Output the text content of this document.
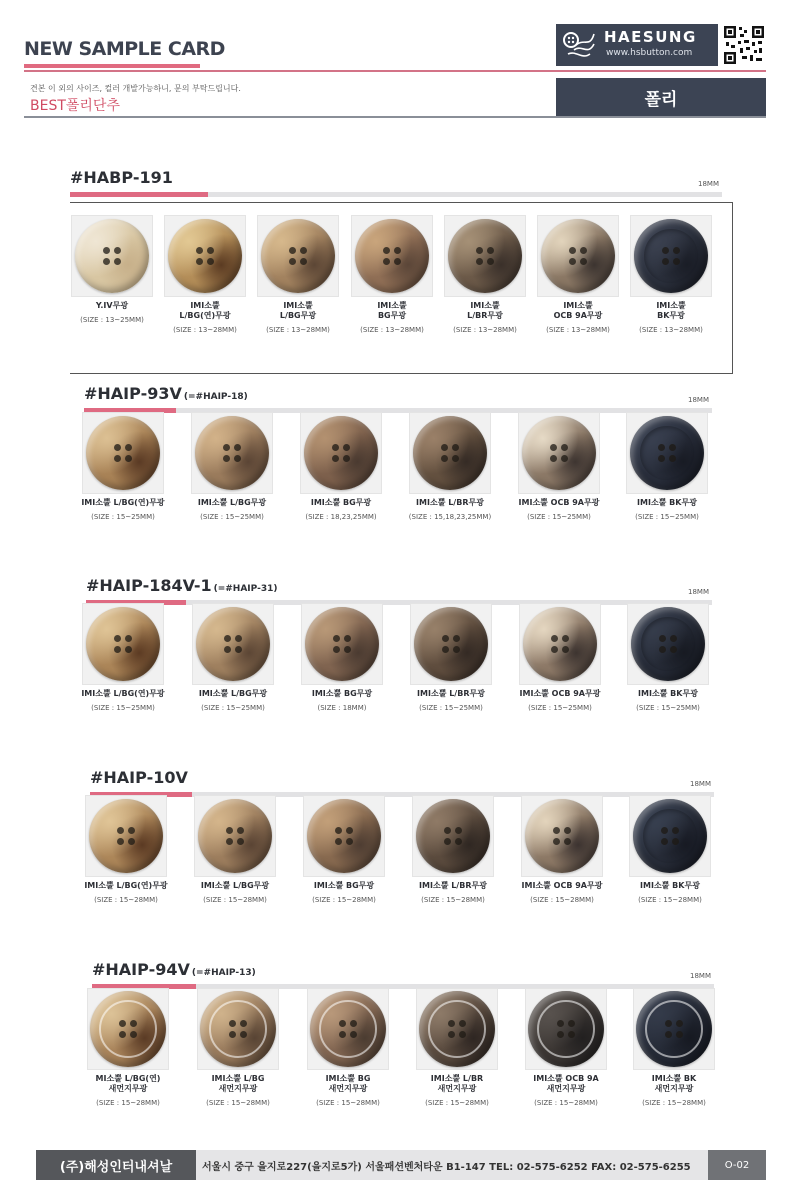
NEW SAMPLE CARD
HAESUNG
www.hsbutton.com
견본 이 외의 사이즈, 컬러 개발가능하니, 문의 부탁드립니다.
BEST폴리단추	폴리
#HABP-191	18MM
Y.IV무광
(SIZE : 13~25MM)
IMI소뿔
L/BG(연)무광
(SIZE : 13~28MM)
IMI소뿔
L/BG무광
(SIZE : 13~28MM)
IMI소뿔
BG무광
(SIZE : 13~28MM)
IMI소뿔
L/BR무광
(SIZE : 13~28MM)
IMI소뿔
OCB 9A무광
(SIZE : 13~28MM)
IMI소뿔
BK무광
(SIZE : 13~28MM)
#HAIP-93V (=#HAIP-18)	18MM
IMI소뿔 L/BG(연)무광
(SIZE : 15~25MM)
IMI소뿔 L/BG무광
(SIZE : 15~25MM)
IMI소뿔 BG무광
(SIZE : 18,23,25MM)
IMI소뿔 L/BR무광
(SIZE : 15,18,23,25MM)
IMI소뿔 OCB 9A무광
(SIZE : 15~25MM)
IMI소뿔 BK무광
(SIZE : 15~25MM)
#HAIP-184V-1 (=#HAIP-31)	18MM
IMI소뿔 L/BG(연)무광
(SIZE : 15~25MM)
IMI소뿔 L/BG무광
(SIZE : 15~25MM)
IMI소뿔 BG무광
(SIZE : 18MM)
IMI소뿔 L/BR무광
(SIZE : 15~25MM)
IMI소뿔 OCB 9A무광
(SIZE : 15~25MM)
IMI소뿔 BK무광
(SIZE : 15~25MM)
#HAIP-10V	18MM
IMI소뿔 L/BG(연)무광
(SIZE : 15~28MM)
IMI소뿔 L/BG무광
(SIZE : 15~28MM)
IMI소뿔 BG무광
(SIZE : 15~28MM)
IMI소뿔 L/BR무광
(SIZE : 15~28MM)
IMI소뿔 OCB 9A무광
(SIZE : 15~28MM)
IMI소뿔 BK무광
(SIZE : 15~28MM)
#HAIP-94V (=#HAIP-13)	18MM
MI소뿔 L/BG(연)
새먼지무광
(SIZE : 15~28MM)
IMI소뿔 L/BG
새먼지무광
(SIZE : 15~28MM)
IMI소뿔 BG
새먼지무광
(SIZE : 15~28MM)
IMI소뿔 L/BR
새먼지무광
(SIZE : 15~28MM)
IMI소뿔 OCB 9A
새먼지무광
(SIZE : 15~28MM)
IMI소뿔 BK
새먼지무광
(SIZE : 15~28MM)
(주)해성인터내셔날	서울시 중구 을지로227(을지로5가) 서울패션벤처타운 B1-147 TEL: 02-575-6252 FAX: 02-575-6255	O-02
